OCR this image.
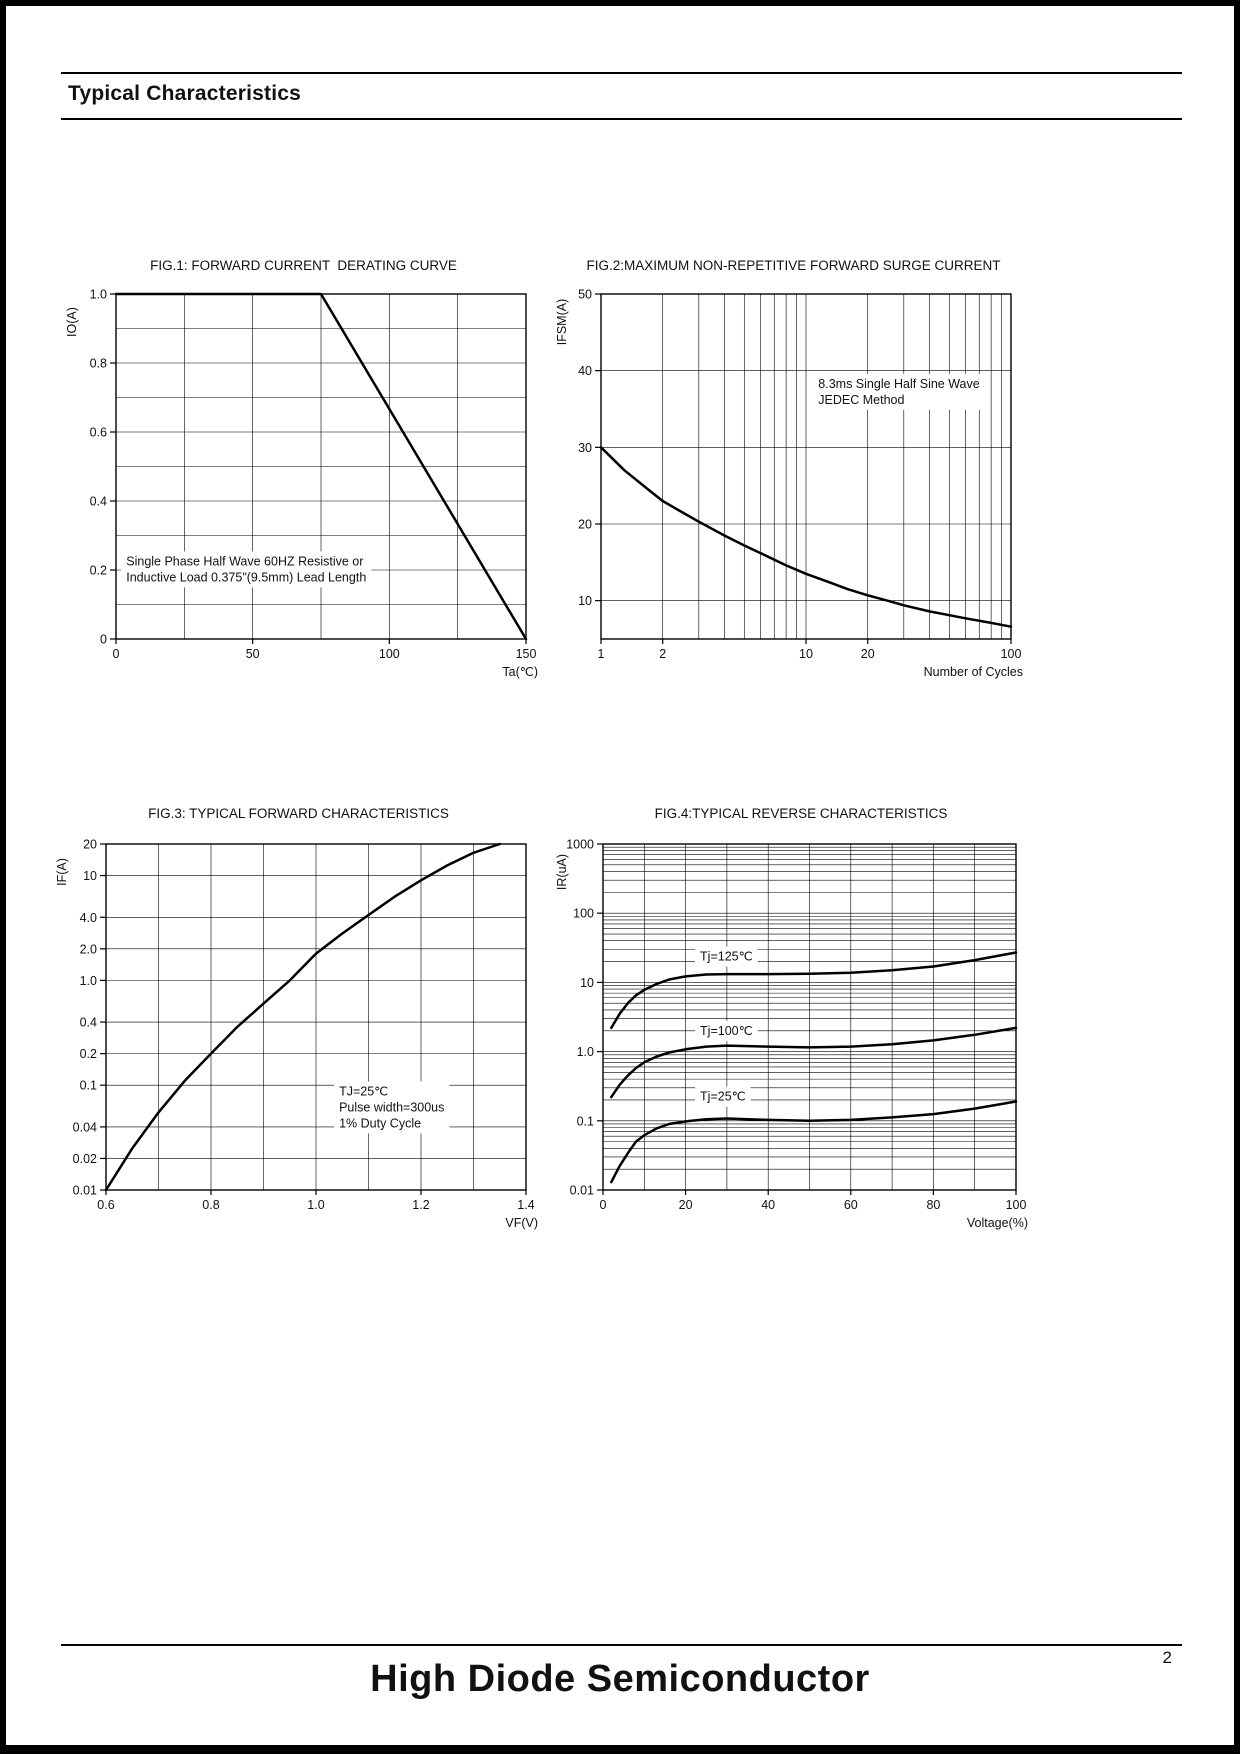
Typical Characteristics
FIG.1: FORWARD CURRENT  DERATING CURVE
0	50	100	150
1.0
0.8
0.6
0.4
0.2
0
IO(A)
Ta(℃)
Single Phase Half Wave 60HZ Resistive or
Inductive Load 0.375"(9.5mm) Lead Length
FIG.2:MAXIMUM NON-REPETITIVE FORWARD SURGE CURRENT
1	2	10	20	100
50
40
30
20
10
IFSM(A)
Number of Cycles
8.3ms Single Half Sine Wave
JEDEC Method
FIG.3: TYPICAL FORWARD CHARACTERISTICS
0.6	0.8	1.0	1.2	1.4
20
10
4.0
2.0
1.0
0.4
0.2
0.1
0.04
0.02
0.01
IF(A)
VF(V)
TJ=25℃
Pulse width=300us
1% Duty Cycle
FIG.4:TYPICAL REVERSE CHARACTERISTICS
0	20	40	60	80	100
1000
100
10
1.0
0.1
0.01
IR(uA)
Voltage(%)
Tj=125℃
Tj=100℃
Tj=25℃
High Diode Semiconductor
2
